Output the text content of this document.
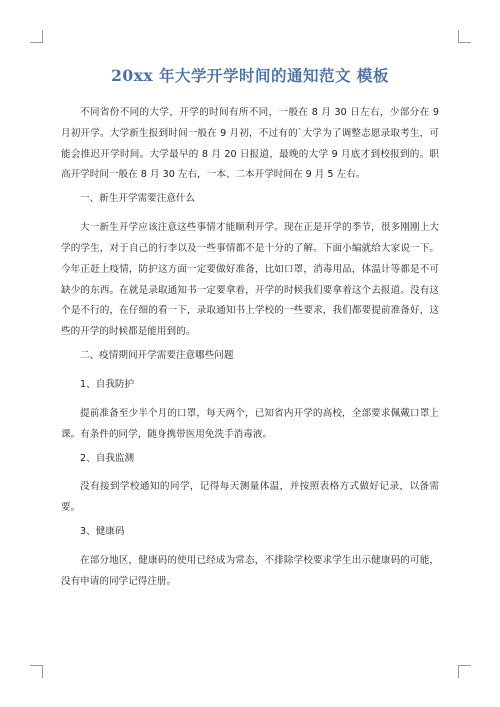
20xx 年大学开学时间的通知范文 模板

不同省份不同的大学，开学的时间有所不同，一般在 8 月 30 日左右，少部分在 9 月初开学。大学新生报到时间一般在 9 月初，不过有的`大学为了调整志愿录取考生，可能会推迟开学时间。大学最早的 8 月 20 日报道，最晚的大学 9 月底才到校报到的。职高开学时间一般在 8 月 30 左右，一本、二本开学时间在 9 月 5 左右。

一、新生开学需要注意什么

大一新生开学应该注意这些事情才能顺利开学。现在正是开学的季节，很多刚刚上大学的学生，对于自己的行李以及一些事情都不是十分的了解。下面小编就给大家说一下。今年正赶上疫情，防护这方面一定要做好准备，比如口罩，消毒用品，体温计等都是不可缺少的东西。在就是录取通知书一定要拿着，开学的时候我们要拿着这个去报道。没有这个是不行的，在仔细的看一下，录取通知书上学校的一些要求，我们都要提前准备好，这些的开学的时候都是能用到的。

二、疫情期间开学需要注意哪些问题

1、自我防护

提前准备至少半个月的口罩，每天两个，已知省内开学的高校，全部要求佩戴口罩上课。有条件的同学，随身携带医用免洗手消毒液。

2、自我监测

没有接到学校通知的同学，记得每天测量体温，并按照表格方式做好记录，以备需要。

3、健康码

在部分地区，健康码的使用已经成为常态，不排除学校要求学生出示健康码的可能，没有申请的同学记得注册。
